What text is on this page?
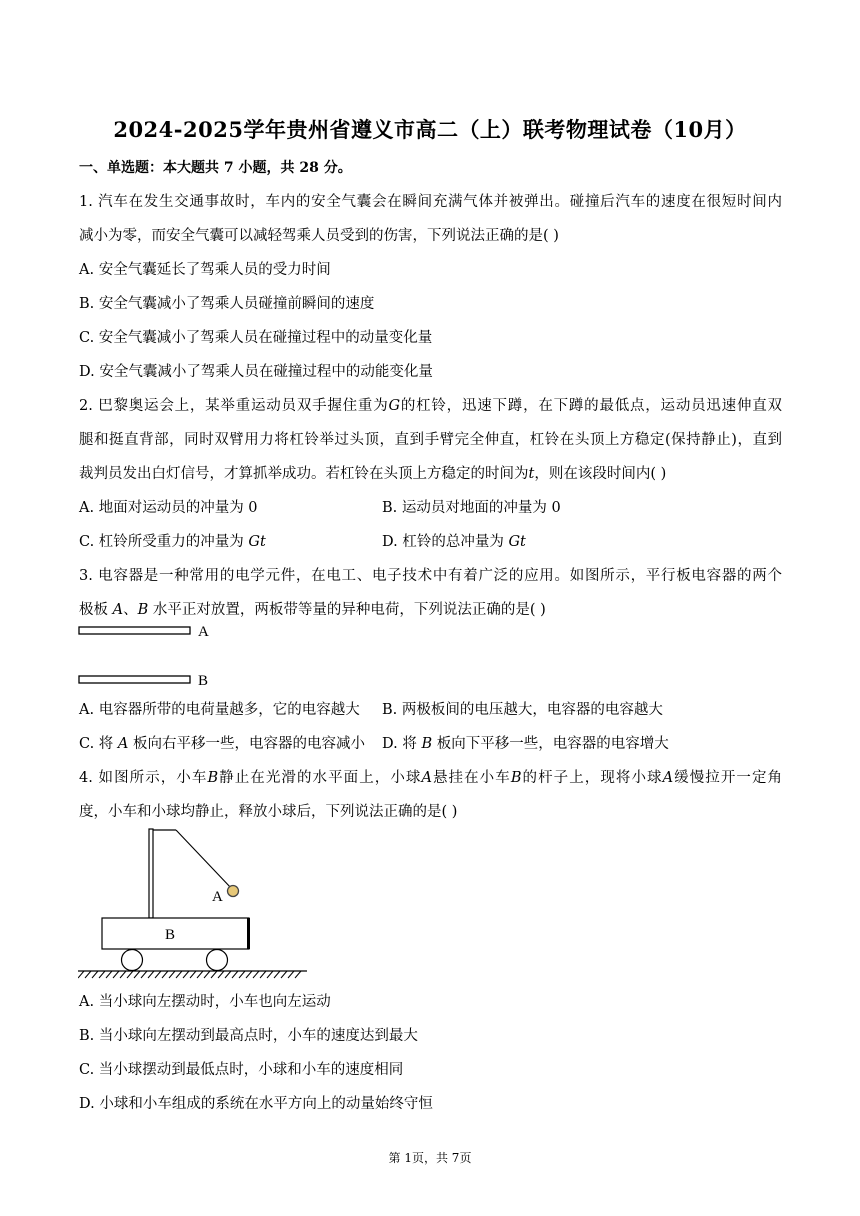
2024-2025学年贵州省遵义市高二（上）联考物理试卷（10月）
一、单选题：本大题共 7 小题，共 28 分。
1. 汽车在发生交通事故时，车内的安全气囊会在瞬间充满气体并被弹出。碰撞后汽车的速度在很短时间内
减小为零，而安全气囊可以减轻驾乘人员受到的伤害，下列说法正确的是( )
A. 安全气囊延长了驾乘人员的受力时间
B. 安全气囊减小了驾乘人员碰撞前瞬间的速度
C. 安全气囊减小了驾乘人员在碰撞过程中的动量变化量
D. 安全气囊减小了驾乘人员在碰撞过程中的动能变化量
2. 巴黎奥运会上，某举重运动员双手握住重为G的杠铃，迅速下蹲，在下蹲的最低点，运动员迅速伸直双
腿和挺直背部，同时双臂用力将杠铃举过头顶，直到手臂完全伸直，杠铃在头顶上方稳定(保持静止)，直到
裁判员发出白灯信号，才算抓举成功。若杠铃在头顶上方稳定的时间为t，则在该段时间内( )
A. 地面对运动员的冲量为 0	B. 运动员对地面的冲量为 0
C. 杠铃所受重力的冲量为 Gt	D. 杠铃的总冲量为 Gt
3. 电容器是一种常用的电学元件，在电工、电子技术中有着广泛的应用。如图所示，平行板电容器的两个
极板 A、B 水平正对放置，两板带等量的异种电荷，下列说法正确的是( )
A
B
A. 电容器所带的电荷量越多，它的电容越大 B. 两极板间的电压越大，电容器的电容越大
C. 将 A 板向右平移一些，电容器的电容减小 D. 将 B 板向下平移一些，电容器的电容增大
4. 如图所示，小车B静止在光滑的水平面上，小球A悬挂在小车B的杆子上，现将小球A缓慢拉开一定角
度，小车和小球均静止，释放小球后，下列说法正确的是( )
A
B
A. 当小球向左摆动时，小车也向左运动
B. 当小球向左摆动到最高点时，小车的速度达到最大
C. 当小球摆动到最低点时，小球和小车的速度相同
D. 小球和小车组成的系统在水平方向上的动量始终守恒
第 1页，共 7页
